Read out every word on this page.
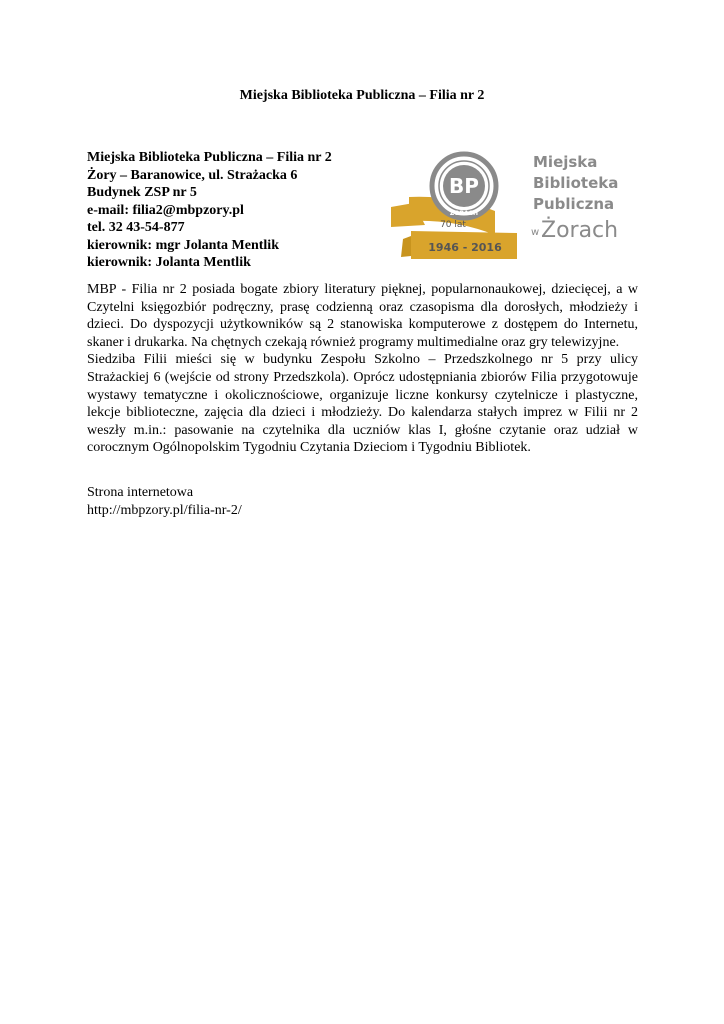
Miejska Biblioteka Publiczna – Filia nr 2
Miejska Biblioteka Publiczna – Filia nr 2
Żory – Baranowice, ul. Strażacka 6
Budynek ZSP nr 5
e-mail: filia2@mbpzory.pl
tel. 32 43-54-877
kierownik: mgr Jolanta Mentlik
kierownik: Jolanta Mentlik
BP
ŻORACH
70 lat
1946 - 2016
Miejska
Biblioteka
Publiczna
w Żorach

MBP - Filia nr 2 posiada bogate zbiory literatury pięknej, popularnonaukowej, dziecięcej, a w Czytelni księgozbiór podręczny, prasę codzienną oraz czasopisma dla dorosłych, młodzieży i dzieci. Do dyspozycji użytkowników są 2 stanowiska komputerowe z dostępem do Internetu, skaner i drukarka. Na chętnych czekają również programy multimedialne oraz gry telewizyjne.

Siedziba Filii mieści się w budynku Zespołu Szkolno – Przedszkolnego nr 5 przy ulicy Strażackiej 6 (wejście od strony Przedszkola). Oprócz udostępniania zbiorów Filia przygotowuje wystawy tematyczne i okolicznościowe, organizuje liczne konkursy czytelnicze i plastyczne, lekcje biblioteczne, zajęcia dla dzieci i młodzieży. Do kalendarza stałych imprez w Filii nr 2 weszły m.in.: pasowanie na czytelnika dla uczniów klas I, głośne czytanie oraz udział w corocznym Ogólnopolskim Tygodniu Czytania Dzieciom i Tygodniu Bibliotek.

Strona internetowa
http://mbpzory.pl/filia-nr-2/
